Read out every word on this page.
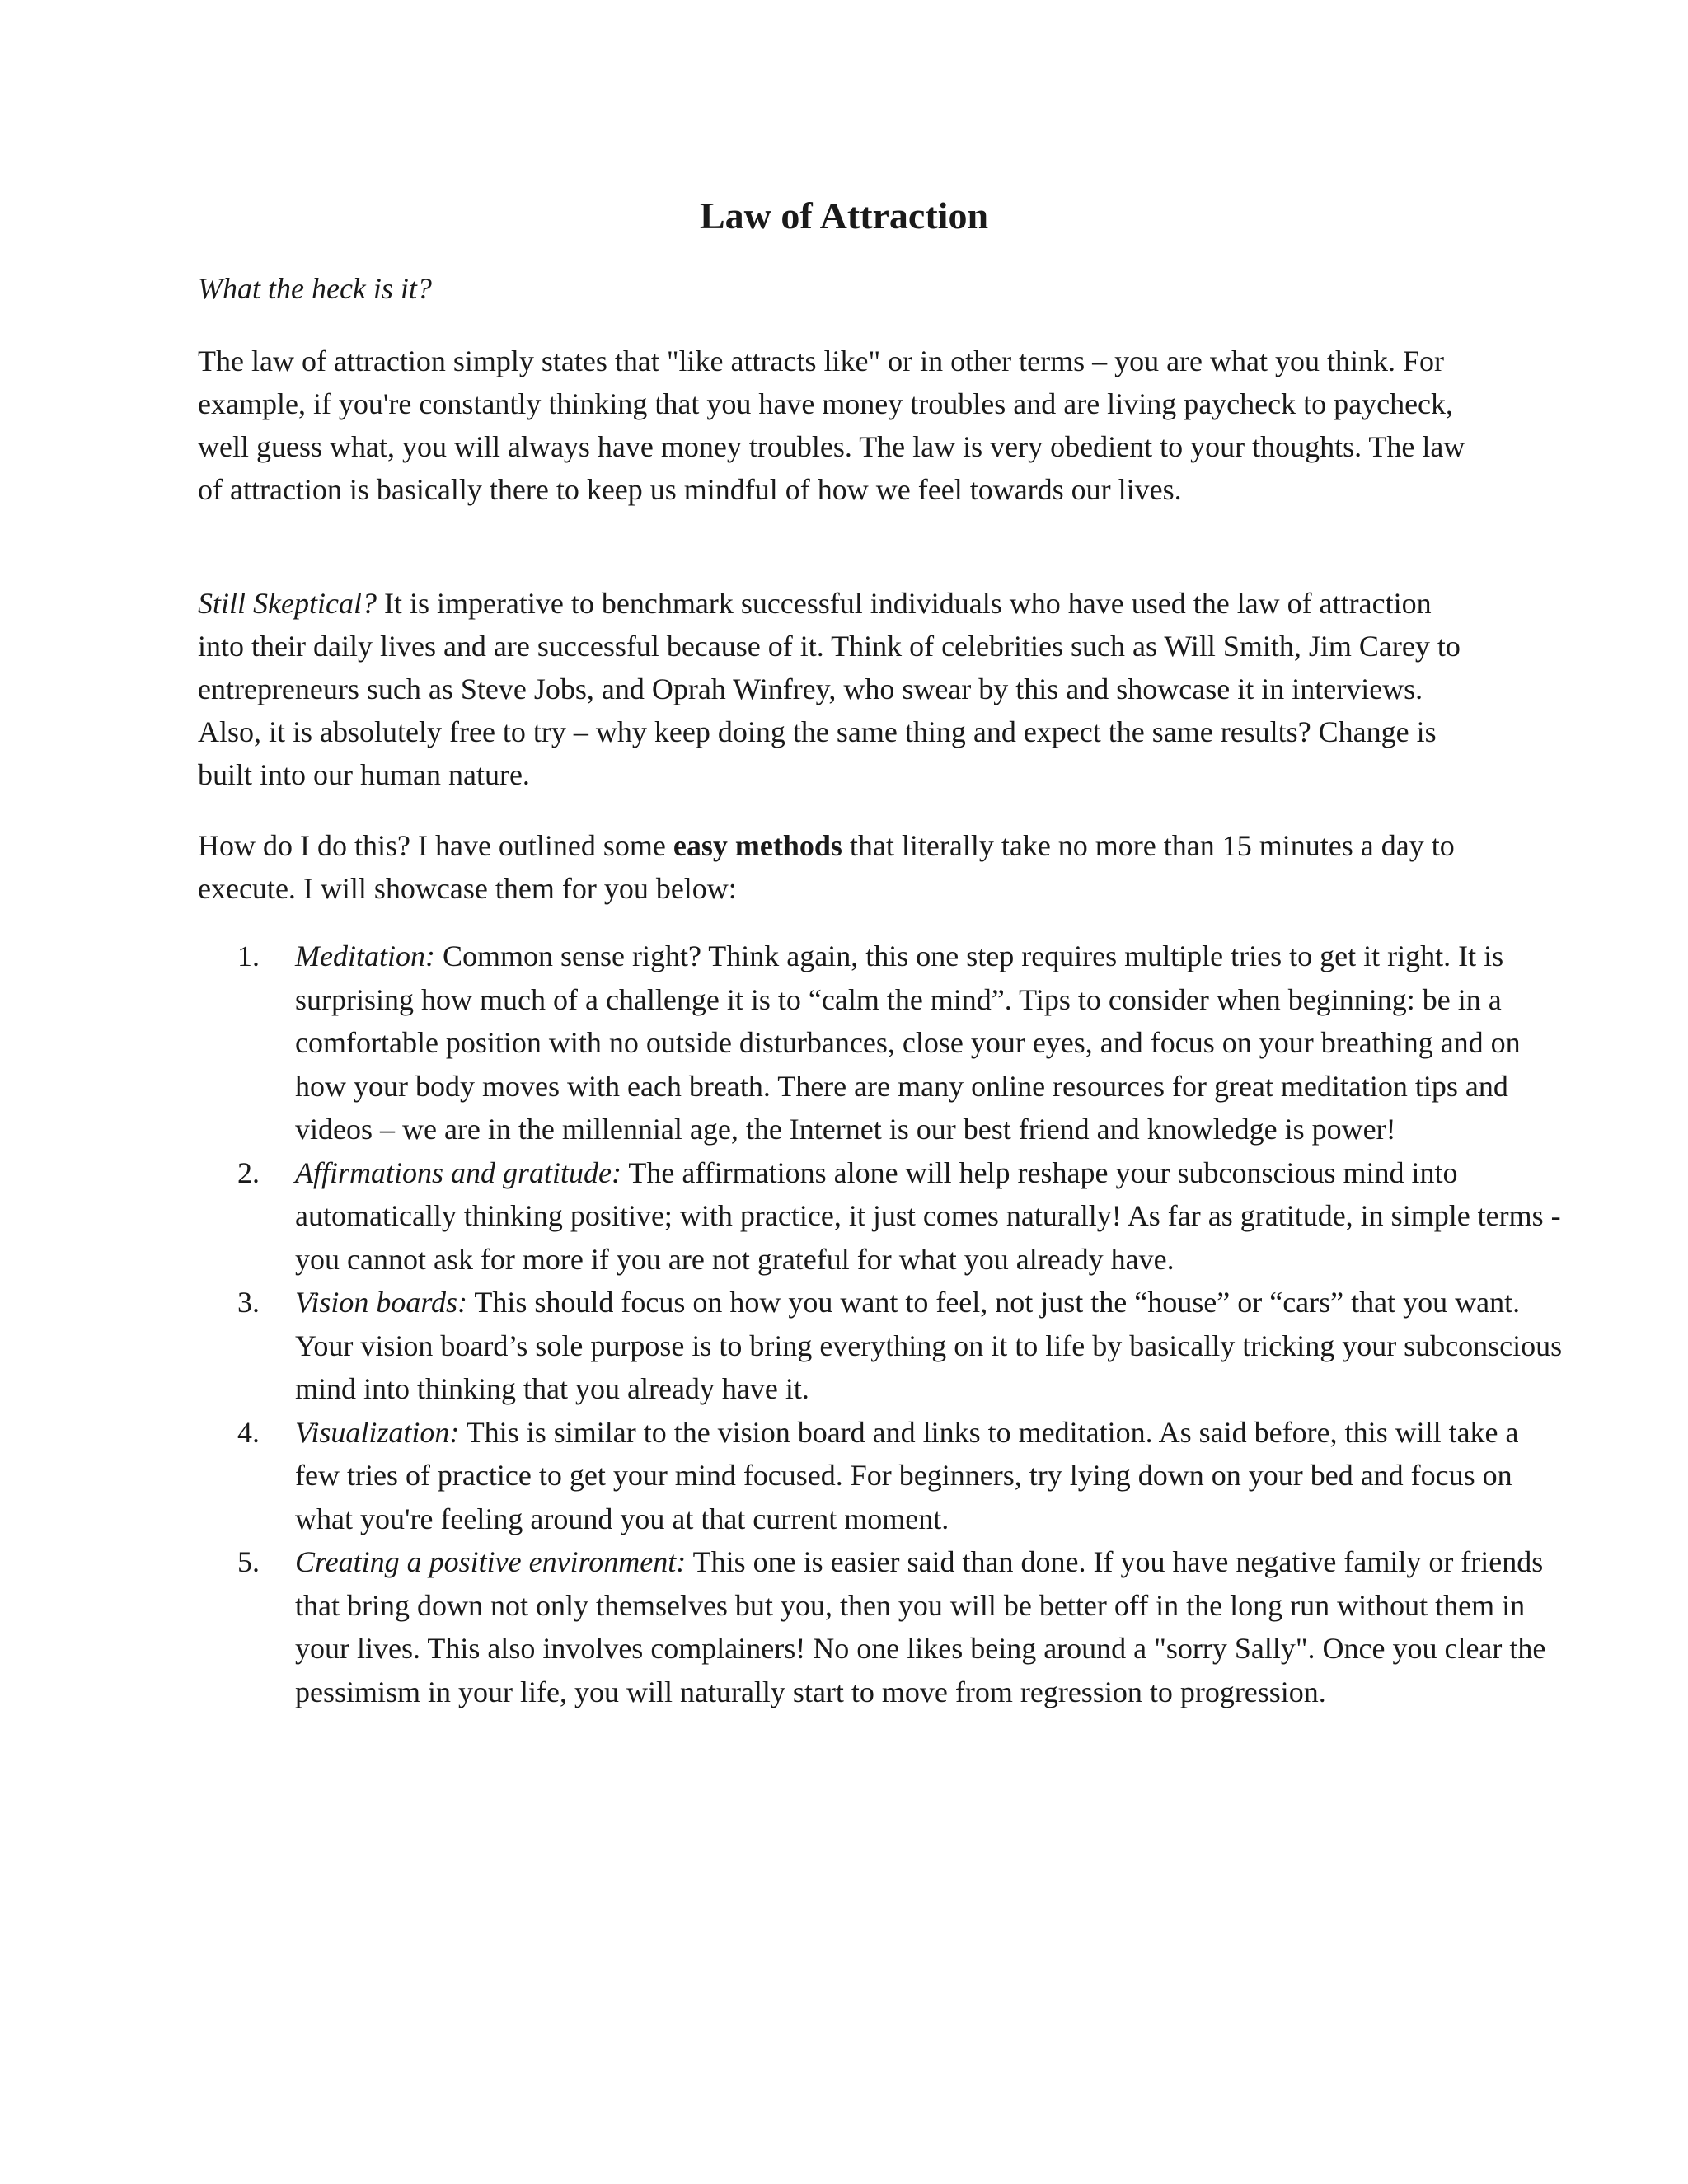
Law of Attraction

What the heck is it?

The law of attraction simply states that "like attracts like" or in other terms – you are what you think. For example, if you're constantly thinking that you have money troubles and are living paycheck to paycheck, well guess what, you will always have money troubles. The law is very obedient to your thoughts. The law of attraction is basically there to keep us mindful of how we feel towards our lives.

Still Skeptical? It is imperative to benchmark successful individuals who have used the law of attraction into their daily lives and are successful because of it. Think of celebrities such as Will Smith, Jim Carey to entrepreneurs such as Steve Jobs, and Oprah Winfrey, who swear by this and showcase it in interviews. Also, it is absolutely free to try – why keep doing the same thing and expect the same results? Change is built into our human nature.

How do I do this? I have outlined some easy methods that literally take no more than 15 minutes a day to execute. I will showcase them for you below:

1.	Meditation: Common sense right? Think again, this one step requires multiple tries to get it right. It is surprising how much of a challenge it is to “calm the mind”. Tips to consider when beginning: be in a comfortable position with no outside disturbances, close your eyes, and focus on your breathing and on how your body moves with each breath. There are many online resources for great meditation tips and videos – we are in the millennial age, the Internet is our best friend and knowledge is power!
2.	Affirmations and gratitude: The affirmations alone will help reshape your subconscious mind into automatically thinking positive; with practice, it just comes naturally! As far as gratitude, in simple terms - you cannot ask for more if you are not grateful for what you already have.
3.	Vision boards: This should focus on how you want to feel, not just the “house” or “cars” that you want. Your vision board’s sole purpose is to bring everything on it to life by basically tricking your subconscious mind into thinking that you already have it.
4.	Visualization: This is similar to the vision board and links to meditation. As said before, this will take a few tries of practice to get your mind focused. For beginners, try lying down on your bed and focus on what you're feeling around you at that current moment.
5.	Creating a positive environment: This one is easier said than done. If you have negative family or friends that bring down not only themselves but you, then you will be better off in the long run without them in your lives. This also involves complainers! No one likes being around a "sorry Sally". Once you clear the pessimism in your life, you will naturally start to move from regression to progression.
